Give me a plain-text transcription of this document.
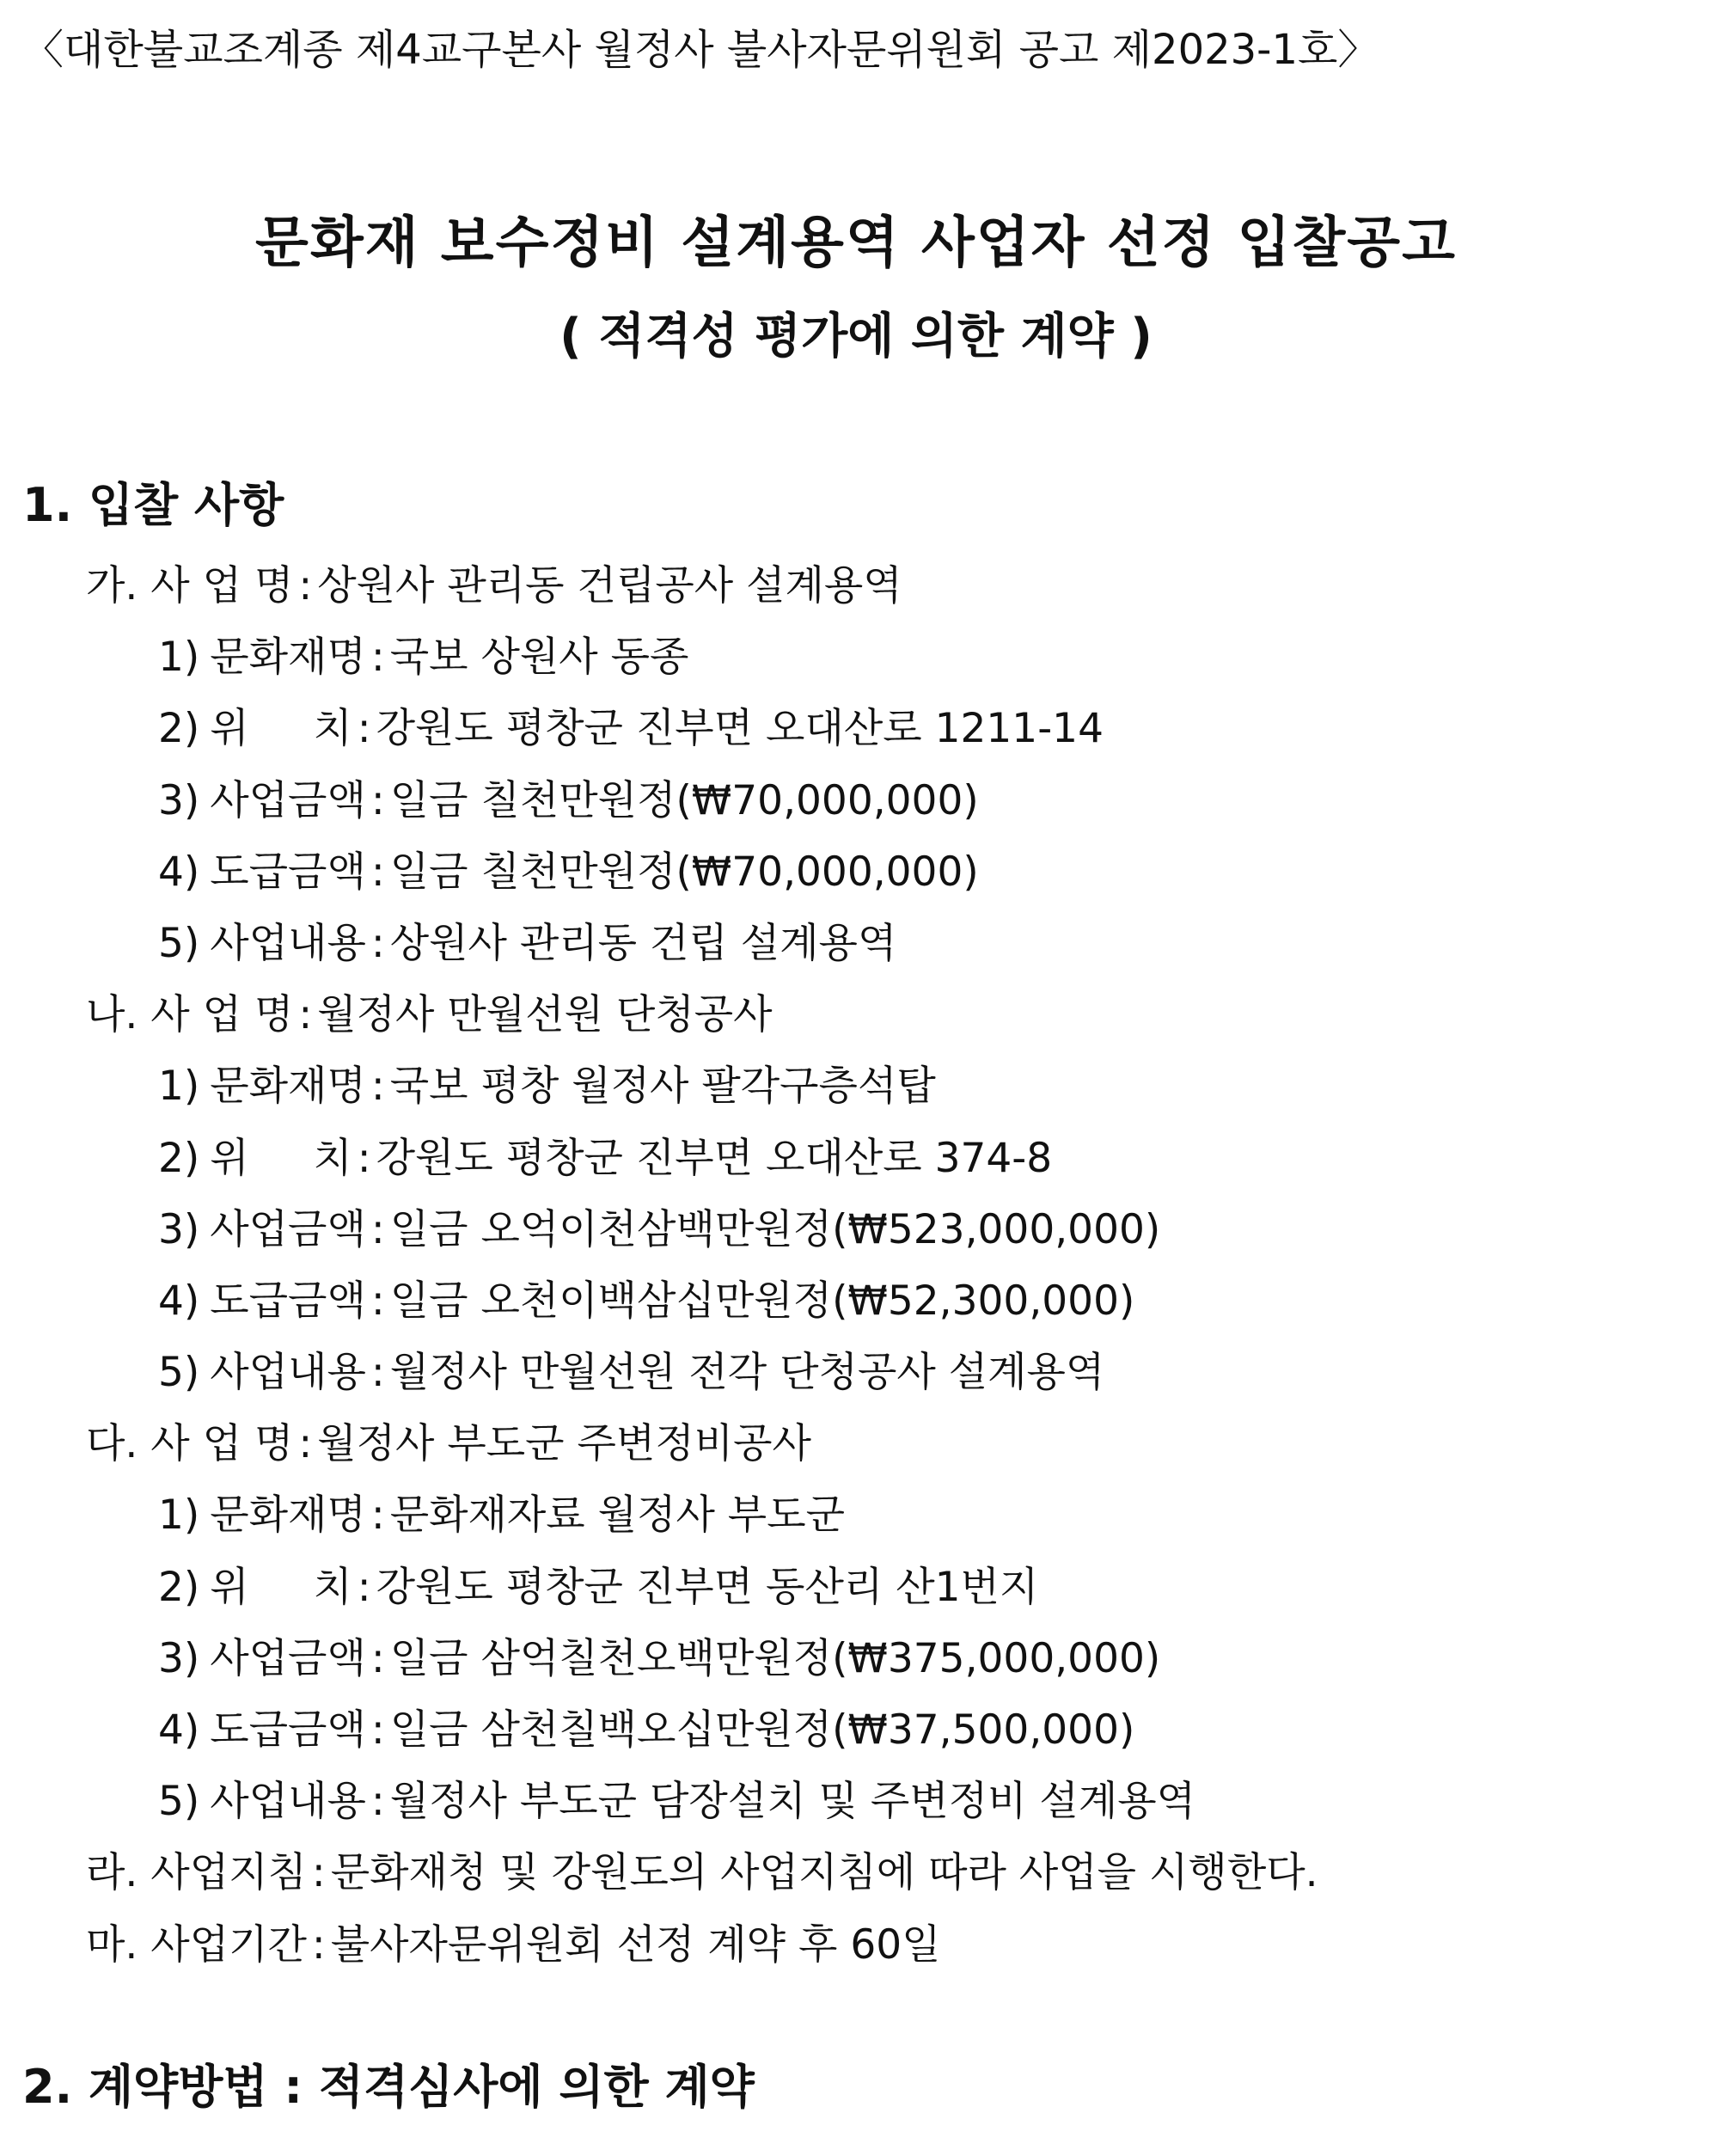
〈대한불교조계종 제4교구본사 월정사 불사자문위원회 공고 제2023-1호〉
문화재 보수정비 설계용역 사업자 선정 입찰공고
( 적격성 평가에 의한 계약 )
1. 입찰 사항
가. 사 업 명 : 상원사 관리동 건립공사 설계용역
1) 문화재명 : 국보 상원사 동종
2) 위     치 : 강원도 평창군 진부면 오대산로 1211-14
3) 사업금액 : 일금 칠천만원정(₩70,000,000)
4) 도급금액 : 일금 칠천만원정(₩70,000,000)
5) 사업내용 : 상원사 관리동 건립 설계용역
나. 사 업 명 : 월정사 만월선원 단청공사
1) 문화재명 : 국보 평창 월정사 팔각구층석탑
2) 위     치 : 강원도 평창군 진부면 오대산로 374-8
3) 사업금액 : 일금 오억이천삼백만원정(₩523,000,000)
4) 도급금액 : 일금 오천이백삼십만원정(₩52,300,000)
5) 사업내용 : 월정사 만월선원 전각 단청공사 설계용역
다. 사 업 명 : 월정사 부도군 주변정비공사
1) 문화재명 : 문화재자료 월정사 부도군
2) 위     치 : 강원도 평창군 진부면 동산리 산1번지
3) 사업금액 : 일금 삼억칠천오백만원정(₩375,000,000)
4) 도급금액 : 일금 삼천칠백오십만원정(₩37,500,000)
5) 사업내용 : 월정사 부도군 담장설치 및 주변정비 설계용역
라. 사업지침 : 문화재청 및 강원도의 사업지침에 따라 사업을 시행한다.
마. 사업기간 : 불사자문위원회 선정 계약 후 60일
2. 계약방법 : 적격심사에 의한 계약
